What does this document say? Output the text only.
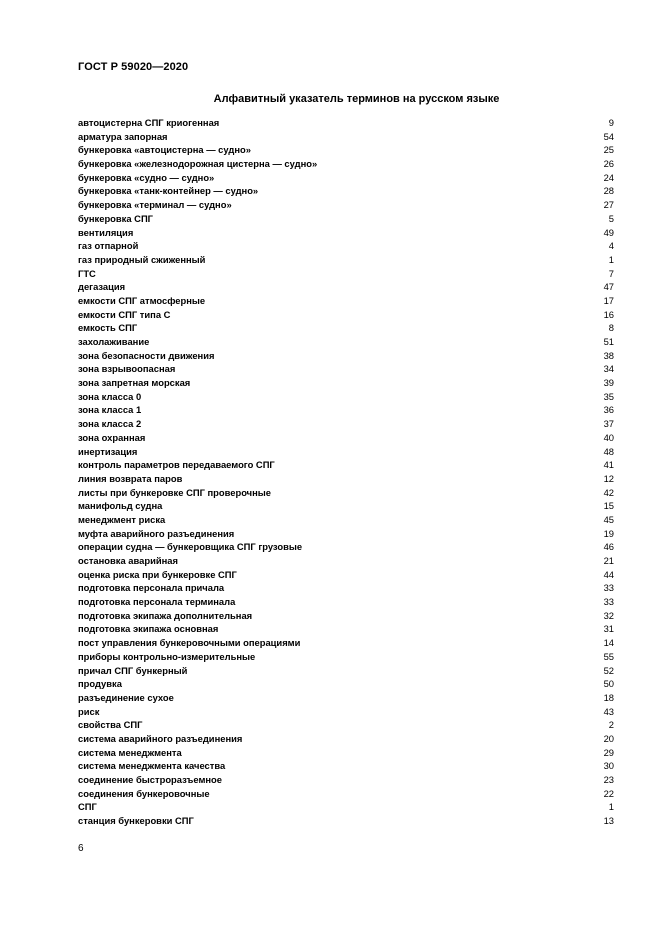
ГОСТ Р 59020—2020
Алфавитный указатель терминов на русском языке
автоцистерна СПГ криогенная	9
арматура запорная	54
бункеровка «автоцистерна — судно»	25
бункеровка «железнодорожная цистерна — судно»	26
бункеровка «судно — судно»	24
бункеровка «танк-контейнер — судно»	28
бункеровка «терминал — судно»	27
бункеровка СПГ	5
вентиляция	49
газ отпарной	4
газ природный сжиженный	1
ГТС	7
дегазация	47
емкости СПГ атмосферные	17
емкости СПГ типа С	16
емкость СПГ	8
захолаживание	51
зона безопасности движения	38
зона взрывоопасная	34
зона запретная морская	39
зона класса 0	35
зона класса 1	36
зона класса 2	37
зона охранная	40
инертизация	48
контроль параметров передаваемого СПГ	41
линия возврата паров	12
листы при бункеровке СПГ проверочные	42
манифольд судна	15
менеджмент риска	45
муфта аварийного разъединения	19
операции судна — бункеровщика СПГ грузовые	46
остановка аварийная	21
оценка риска при бункеровке СПГ	44
подготовка персонала причала	33
подготовка персонала терминала	33
подготовка экипажа дополнительная	32
подготовка экипажа основная	31
пост управления бункеровочными операциями	14
приборы контрольно-измерительные	55
причал СПГ бункерный	52
продувка	50
разъединение сухое	18
риск	43
свойства СПГ	2
система аварийного разъединения	20
система менеджмента	29
система менеджмента качества	30
соединение быстроразъемное	23
соединения бункеровочные	22
СПГ	1
станция бункеровки СПГ	13
6
